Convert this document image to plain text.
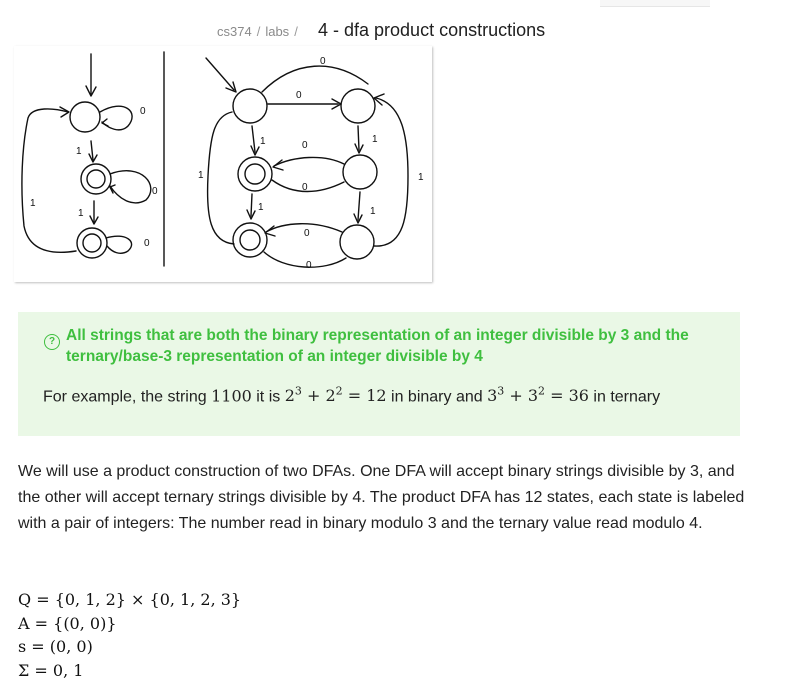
cs374 / labs / 4 - dfa product constructions
0
0
0
1
1
1
0
0
0
0
0
0
1	1
1	1
1	1
? All strings that are both the binary representation of an integer divisible by 3 and the ternary/base-3 representation of an integer divisible by 4
For example, the string 1100 it is $2^3 + 2^2 = 12$ in binary and $3^3 + 3^2 = 36$ in ternary

We will use a product construction of two DFAs. One DFA will accept binary strings divisible by 3, and the other will accept ternary strings divisible by 4. The product DFA has 12 states, each state is labeled with a pair of integers: The number read in binary modulo 3 and the ternary value read modulo 4.

Q = {0, 1, 2} × {0, 1, 2, 3}
A = {(0, 0)}
s = (0, 0)
Σ = 0, 1
